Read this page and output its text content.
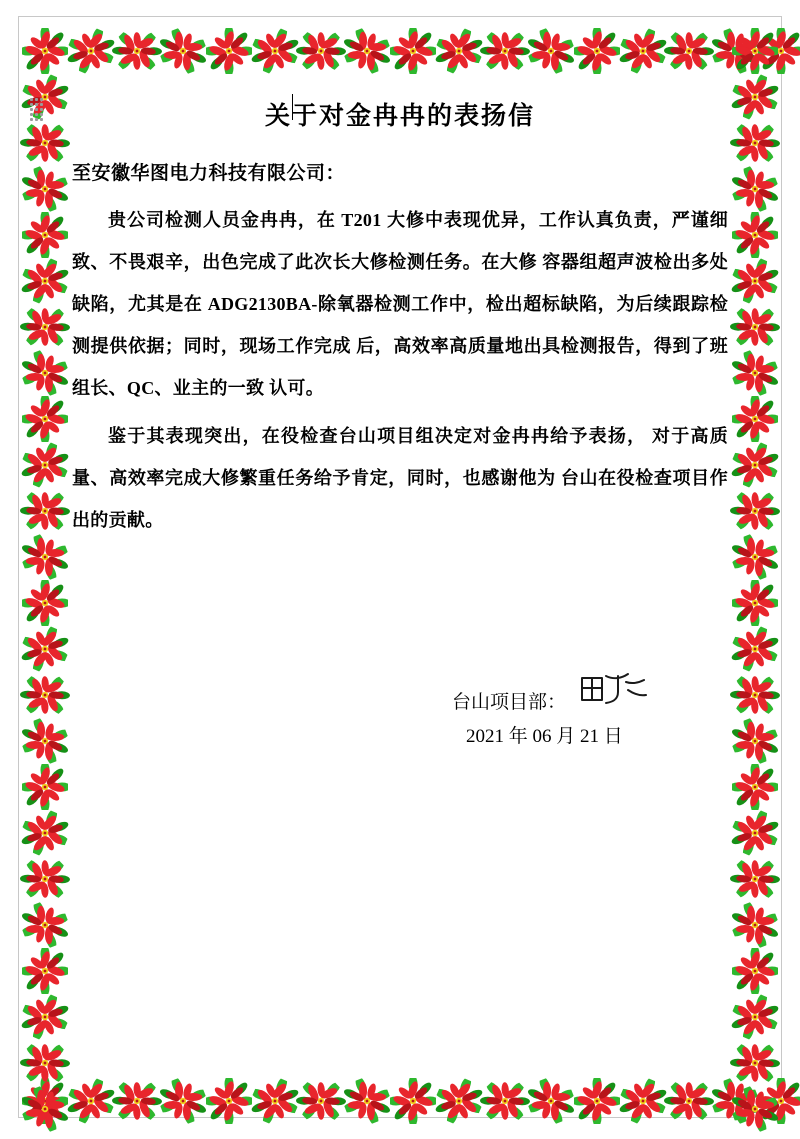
关于对金冉冉的表扬信
至安徽华图电力科技有限公司：

贵公司检测人员金冉冉，在 T201 大修中表现优异，工作认真负责，严谨细致、不畏艰辛，出色完成了此次长大修检测任务。在大修 容器组超声波检出多处缺陷，尤其是在 ADG2130BA-除氧器检测工作中，检出超标缺陷，为后续跟踪检测提供依据；同时，现场工作完成 后，高效率高质量地出具检测报告，得到了班组长、QC、业主的一致 认可。

鉴于其表现突出，在役检查台山项目组决定对金冉冉给予表扬， 对于高质量、高效率完成大修繁重任务给予肯定，同时，也感谢他为 台山在役检查项目作出的贡献。

台山项目部：
2021 年 06 月 21 日
